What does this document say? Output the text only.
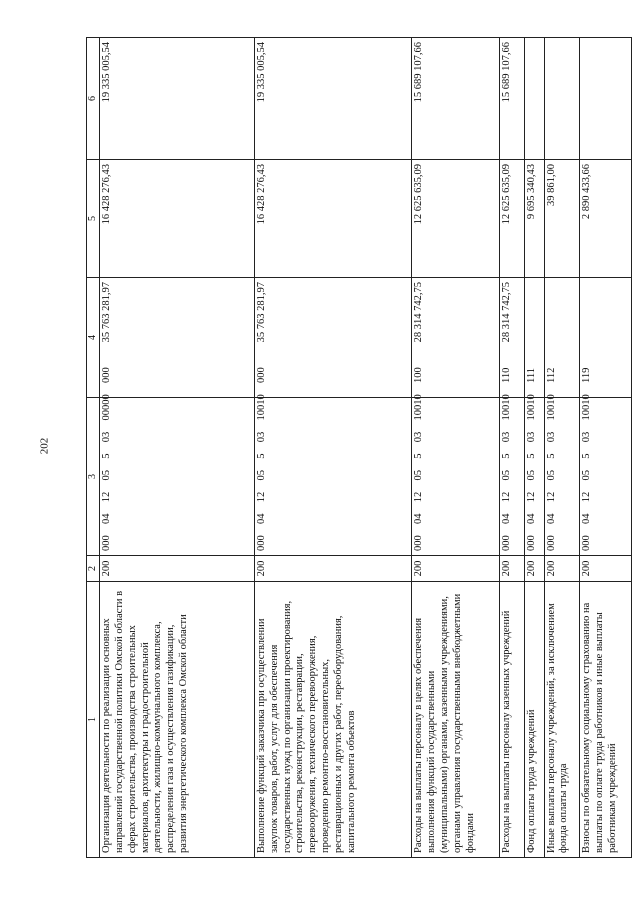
202
1	2	3	4	5	6
Организация деятельности по реализации основных направлений государственной политики Омской области в сферах строительства, производства строительных материалов, архитектуры и градостроительной деятельности, жилищно-коммунального комплекса, распределения газа и осуществления газификации, развития энергетического комплекса Омской области	200	000  04  12  05  5  03  00000  000	35 763 281,97	16 428 276,43	19 335 005,54
Выполнение функций заказчика при осуществлении закупок товаров, работ, услуг для обеспечения государственных нужд по организации проектирования, строительства, реконструкции, реставрации, перевооружения, технического перевооружения, проведению ремонтно-восстановительных, реставрационных и других работ, переоборудования, капитального ремонта объектов	200	000  04  12  05  5  03  10010  000	35 763 281,97	16 428 276,43	19 335 005,54
Расходы на выплаты персоналу в целях обеспечения выполнения функций государственными (муниципальными) органами, казенными учреждениями, органами управления государственными внебюджетными фондами	200	000  04  12  05  5  03  10010  100	28 314 742,75	12 625 635,09	15 689 107,66
Расходы на выплаты персоналу казенных учреждений	200	000  04  12  05  5  03  10010  110	28 314 742,75	12 625 635,09	15 689 107,66
Фонд оплаты труда учреждений	200	000  04  12  05  5  03  10010  111		9 695 340,43	
Иные выплаты персоналу учреждений, за исключением фонда оплаты труда	200	000  04  12  05  5  03  10010  112		39 861,00	
Взносы по обязательному социальному страхованию на выплаты по оплате труда работников и иные выплаты работникам учреждений	200	000  04  12  05  5  03  10010  119		2 890 433,66	
